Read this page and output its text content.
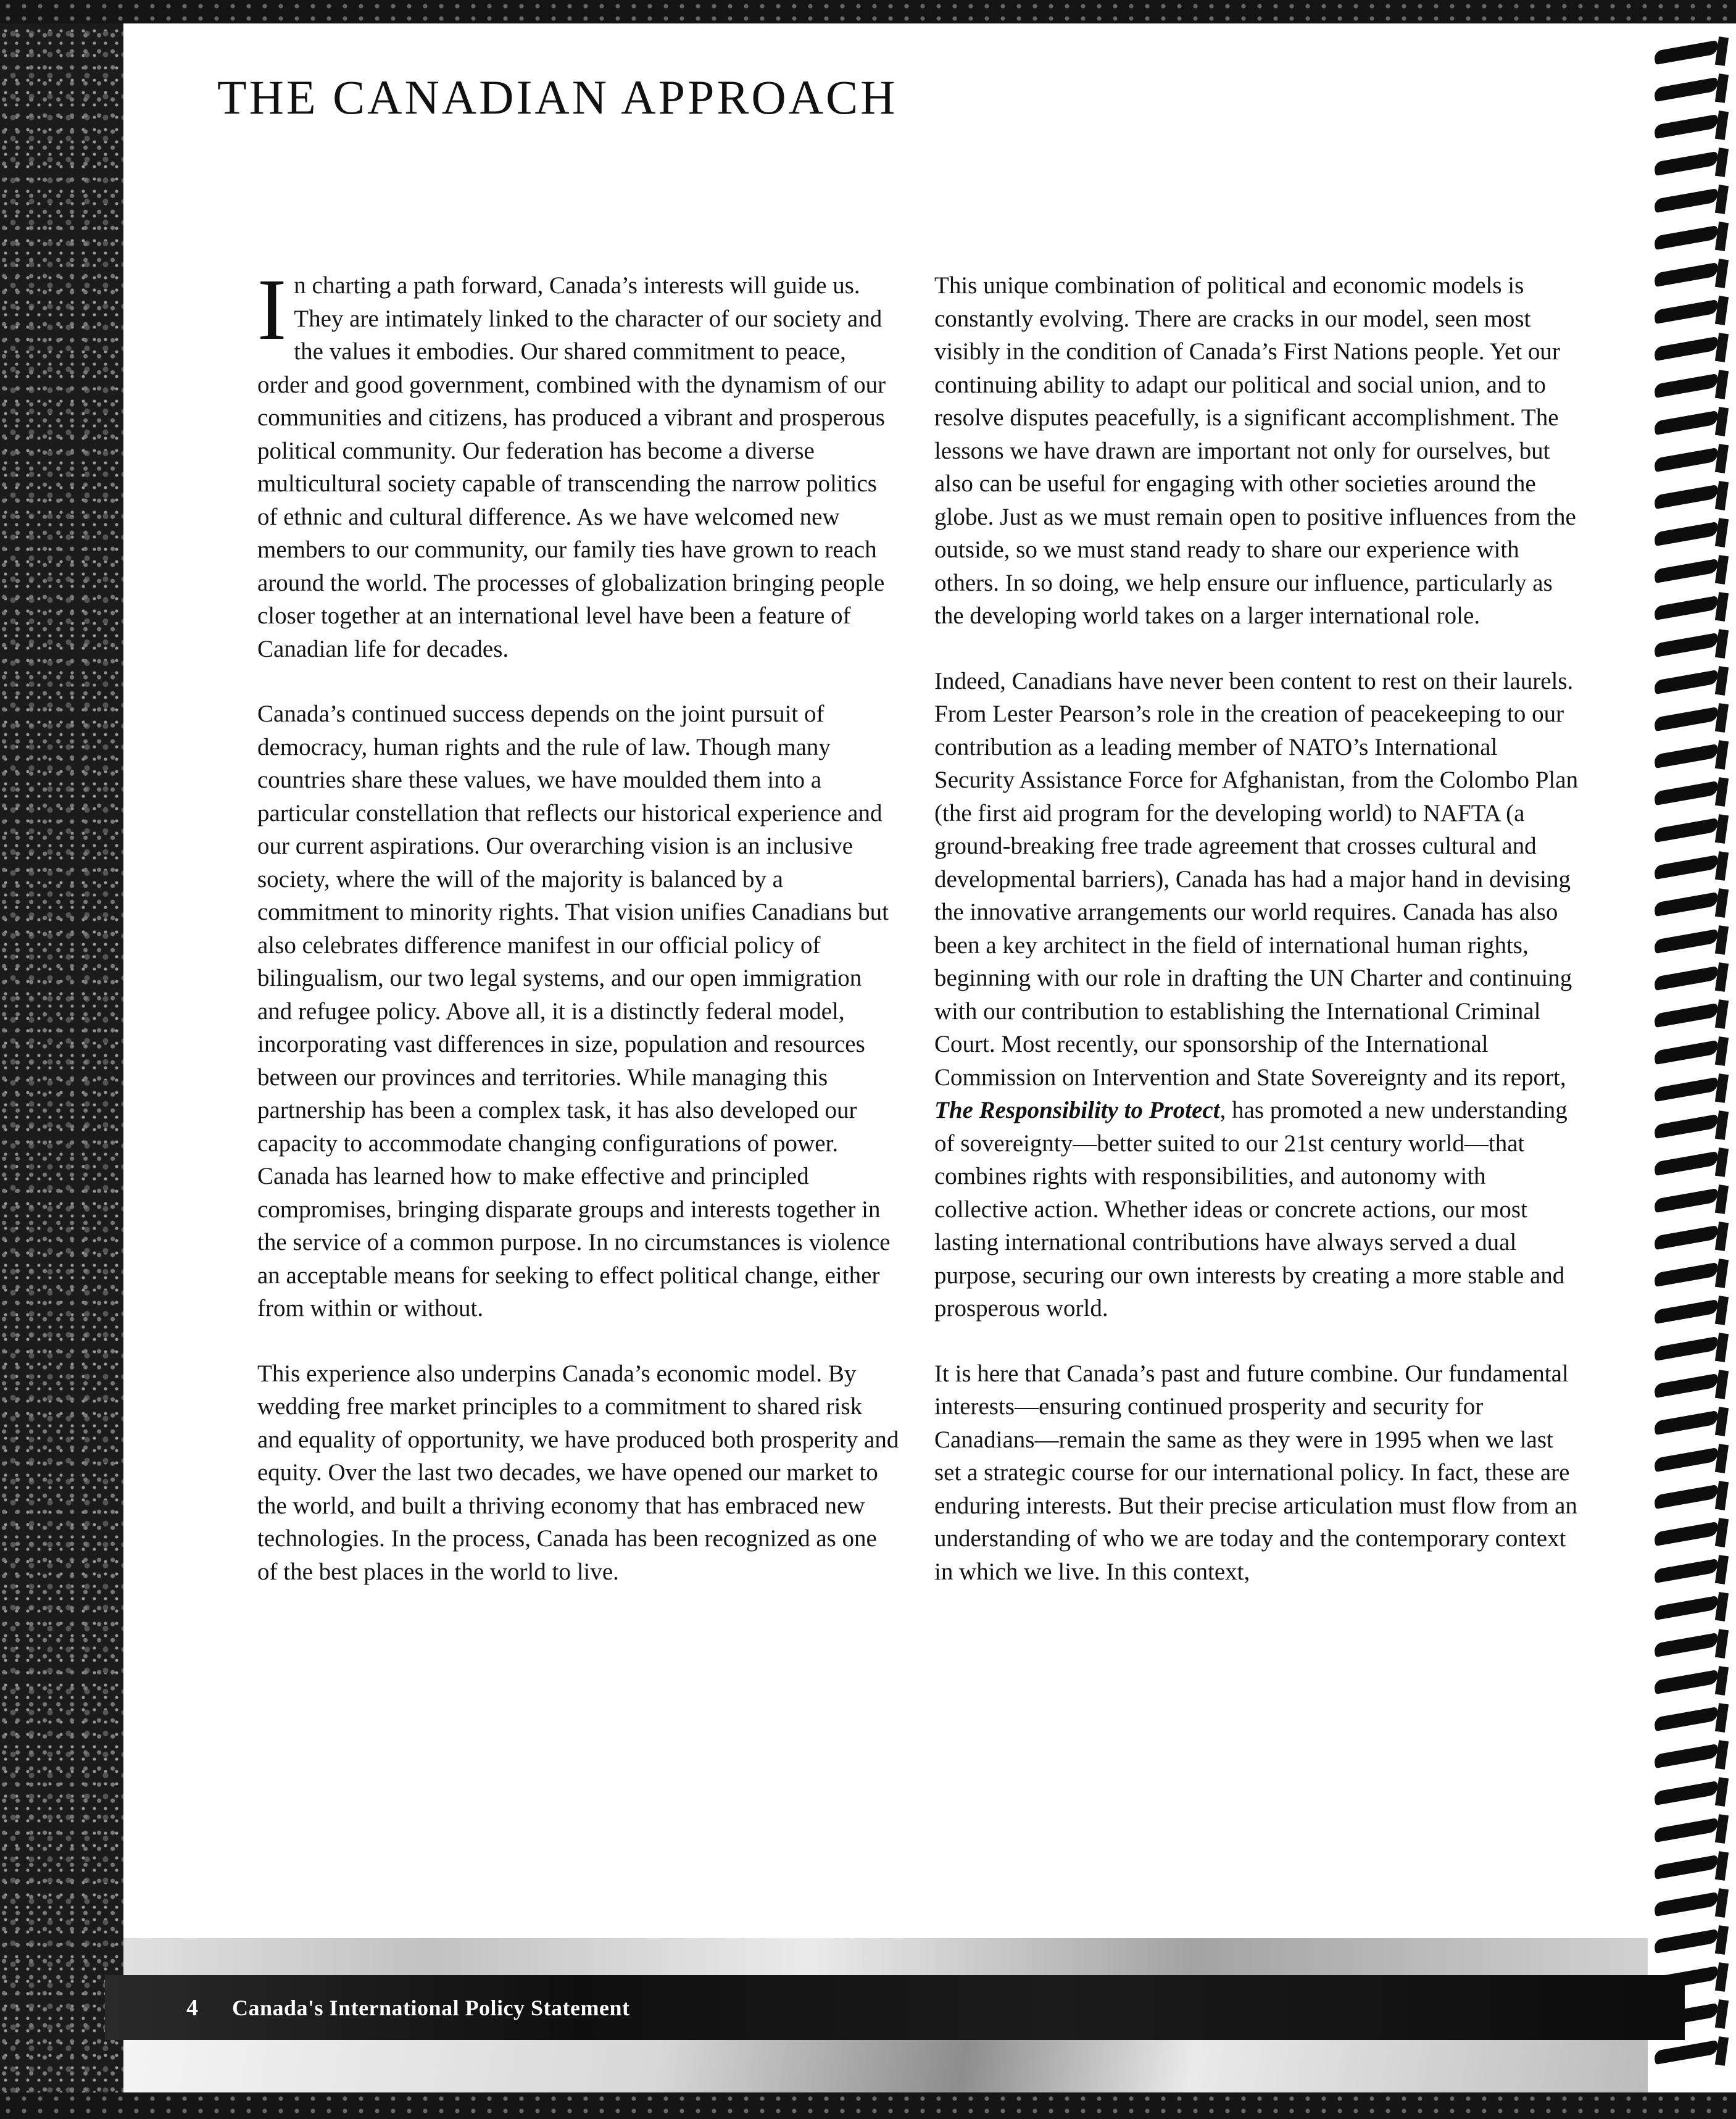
THE CANADIAN APPROACH

In charting a path forward, Canada’s interests will guide us. They are intimately linked to the character of our society and the values it embodies. Our shared commitment to peace, order and good government, combined with the dynamism of our communities and citizens, has produced a vibrant and prosperous political community. Our federation has become a diverse multicultural society capable of transcending the narrow politics of ethnic and cultural difference. As we have welcomed new members to our community, our family ties have grown to reach around the world. The processes of globalization bringing people closer together at an international level have been a feature of Canadian life for decades.

Canada’s continued success depends on the joint pursuit of democracy, human rights and the rule of law. Though many countries share these values, we have moulded them into a particular constellation that reflects our historical experience and our current aspirations. Our overarching vision is an inclusive society, where the will of the majority is balanced by a commitment to minority rights. That vision unifies Canadians but also celebrates difference manifest in our official policy of bilingualism, our two legal systems, and our open immigration and refugee policy. Above all, it is a distinctly federal model, incorporating vast differences in size, population and resources between our provinces and territories. While managing this partnership has been a complex task, it has also developed our capacity to accommodate changing configurations of power. Canada has learned how to make effective and principled compromises, bringing disparate groups and interests together in the service of a common purpose. In no circumstances is violence an acceptable means for seeking to effect political change, either from within or without.

This experience also underpins Canada’s economic model. By wedding free market principles to a commitment to shared risk and equality of opportunity, we have produced both prosperity and equity. Over the last two decades, we have opened our market to the world, and built a thriving economy that has embraced new technologies. In the process, Canada has been recognized as one of the best places in the world to live.

This unique combination of political and economic models is constantly evolving. There are cracks in our model, seen most visibly in the condition of Canada’s First Nations people. Yet our continuing ability to adapt our political and social union, and to resolve disputes peacefully, is a significant accomplishment. The lessons we have drawn are important not only for ourselves, but also can be useful for engaging with other societies around the globe. Just as we must remain open to positive influences from the outside, so we must stand ready to share our experience with others. In so doing, we help ensure our influence, particularly as the developing world takes on a larger international role.

Indeed, Canadians have never been content to rest on their laurels. From Lester Pearson’s role in the creation of peacekeeping to our contribution as a leading member of NATO’s International Security Assistance Force for Afghanistan, from the Colombo Plan (the first aid program for the developing world) to NAFTA (a ground-breaking free trade agreement that crosses cultural and developmental barriers), Canada has had a major hand in devising the innovative arrangements our world requires. Canada has also been a key architect in the field of international human rights, beginning with our role in drafting the UN Charter and continuing with our contribution to establishing the International Criminal Court. Most recently, our sponsorship of the International Commission on Intervention and State Sovereignty and its report, The Responsibility to Protect, has promoted a new understanding of sovereignty—better suited to our 21st century world—that combines rights with responsibilities, and autonomy with collective action. Whether ideas or concrete actions, our most lasting international contributions have always served a dual purpose, securing our own interests by creating a more stable and prosperous world.

It is here that Canada’s past and future combine. Our fundamental interests—ensuring continued prosperity and security for Canadians—remain the same as they were in 1995 when we last set a strategic course for our international policy. In fact, these are enduring interests. But their precise articulation must flow from an understanding of who we are today and the contemporary context in which we live. In this context,

4	Canada's International Policy Statement
